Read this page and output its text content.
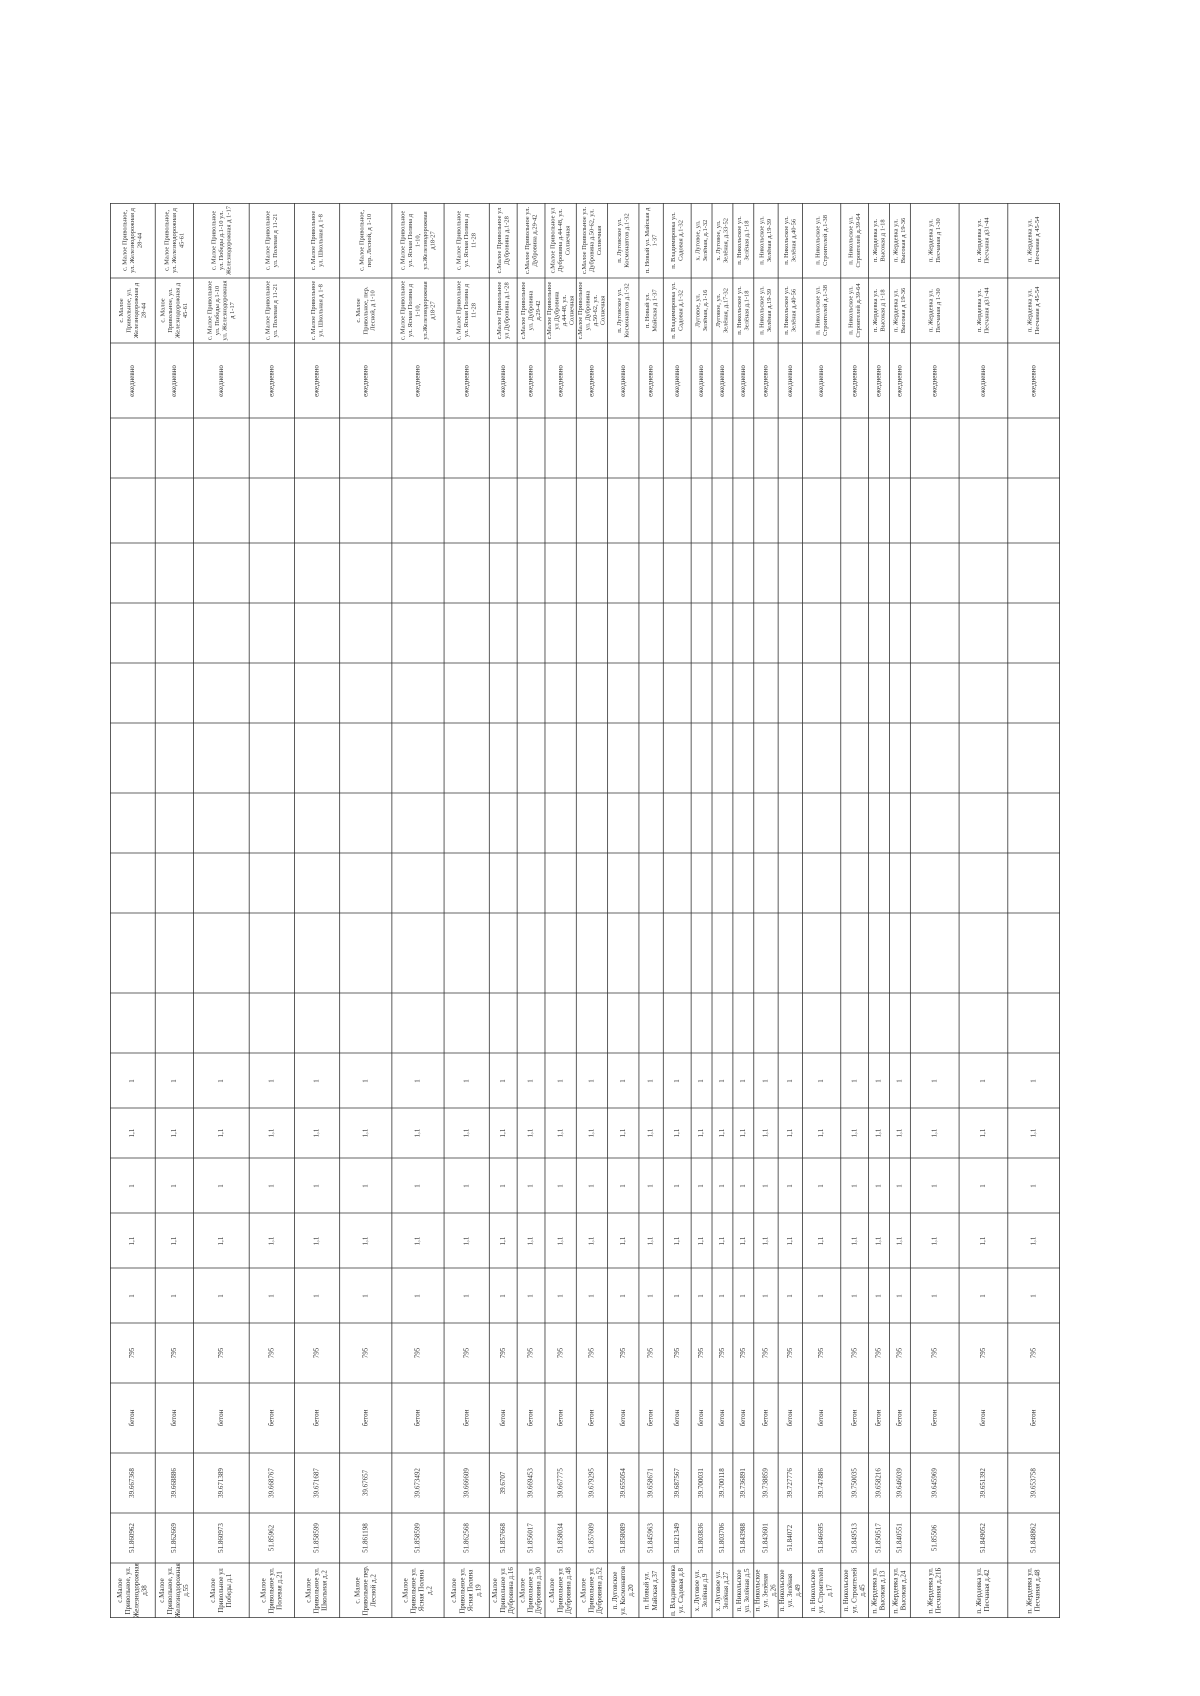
с.Малое Привольное, ул. Железнодорожная д38
51.860962
39.667368
бетон
795
1
1,1
1
1,1
1
ежедневно
с. Малое Привольное, ул. Железнодорожная д 28-44
с. Малое Привольное, ул. Железнодорожная д 28-44
с.Малое Привольное, ул. Железнодорожная д.55
51.862669
39.668886
бетон
795
1
1,1
1
1,1
1
ежедневно
с. Малое Привольное, ул. Железнодорожная д 45-61
с. Малое Привольное, ул. Железнодорожная д 45-61
с.Малое Привольное ул Победы д.1
51.860973
39.671389
бетон
795
1
1,1
1
1,1
1
ежедневно
с. Малое Привольное ул. Победы д.1-10 ул. Железнодорожная д 1-17
с. Малое Привольное ул. Победы д.1-10 ул. Железнодорожная д 1-17
с.Малое Привольное ул. Полевая д.21
51.85962
39.668767
бетон
795
1
1,1
1
1,1
1
ежедневно
с. Малое Привольное ул. Полевая д 11-21
с. Малое Привольное ул. Полевая д 11-21
с.Малое Привольное ул. Школьная д.2
51.858599
39.671687
бетон
795
1
1,1
1
1,1
1
ежедневно
с. Малое Привольное ул. Школьная д 1-8
с. Малое Привольное ул. Школьная д 1-8
с. Малое Привольное пер. Лесной д.2
51.861198
39.67657
бетон
795
1
1,1
1
1,1
1
ежедневно
с. Малое Привольное, пер. Лесной, д 1-10
с. Малое Привольное, пер. Лесной, д 1-10
с.Малое Привольное ул. Ясная Поляна д.2
51.858599
39.673492
бетон
795
1
1,1
1
1,1
1
ежедневно
с. Малое Привольное ул. Ясная Поляна д 1-10, ул.Железнодорожная д18-27
с. Малое Привольное ул. Ясная Поляна д 1-10, ул.Железнодорожная д18-27
с.Малое Привольное ул. Ясная Поляна д.19
51.862568
39.666609
бетон
795
1
1,1
1
1,1
1
ежедневно
с. Малое Привольное ул. Ясная Поляна д 11-28
с. Малое Привольное ул. Ясная Поляна д 11-28
с.Малое Привольное ул Дубровина д.16
51.857668
39.6707
бетон
795
1
1,1
1
1,1
1
ежедневно
с.Малое Привольное ул Дубровина д.1-28
с.Малое Привольное ул Дубровина д.1-28
с.Малое Привольное ул Дубровина д.30
51.856017
39.669453
бетон
795
1
1,1
1
1,1
1
ежедневно
с.Малое Привольное ул. Дубровина д.29-42
с.Малое Привольное ул. Дубровина д.29-42
с.Малое Привольное ул Дубровина д.48
51.858034
39.667775
бетон
795
1
1,1
1
1,1
1
ежедневно
с.Малое Привольное ул Дубровина д.44-48, ул. Солнечная
с.Малое Привольное ул Дубровина д.44-48, ул. Солнечная
с.Малое Привольное ул Дубровина д.52
51.857609
39.679295
бетон
795
1
1,1
1
1,1
1
ежедневно
с.Малое Привольное ул. Дубровина д.50-62, ул. Солнечная
с.Малое Привольное ул. Дубровина д.50-62, ул. Солнечная
п. Луговское ул. Космонавтов д.20
51.858089
39.655054
бетон
795
1
1,1
1
1,1
1
ежедневно
п. Луговское ул. Космонавтов д.1-32
п. Луговское ул. Космонавтов д.1-32
п. Новый ул. Майская д.37
51.845963
39.658671
бетон
795
1
1,1
1
1,1
1
ежедневно
п. Новый ул. Майская д 1-37
п. Новый ул. Майская д 1-37
п. Владимировка ул. Садовая д.8
51.821349
39.687567
бетон
795
1
1,1
1
1,1
1
ежедневно
п. Владимировка ул. Садовая д.1-32
п. Владимировка ул. Садовая д.1-32
х. Луговое ул. Зелёная д.9
51.803836
39.700031
бетон
795
1
1,1
1
1,1
1
ежедневно
Луговое, ул. Зелёная, д.1-16
х. Луговое, ул. Зелёная, д.1-32
х. Луговое ул. Зелёная д.27
51.803706
39.700118
бетон
795
1
1,1
1
1,1
1
ежедневно
Луговое, ул. Зелёная, д.17-32
х. Луговое, ул. Зелёная, д.33-52
п. Никольское ул. Зелёная д.5
51.843988
39.736891
бетон
795
1
1,1
1
1,1
1
ежедневно
п. Никольское ул. Зелёная д.1-18
п. Никольское ул. Зелёная д.1-18
п. Никольское ул. Зелёная д.26
51.843601
39.738859
бетон
795
1
1,1
1
1,1
1
ежедневно
п. Никольское ул. Зелёная д.19-39
п. Никольское ул. Зелёная д.19-39
п. Никольское ул. Зелёная д.49
51.84072
39.727776
бетон
795
1
1,1
1
1,1
1
ежедневно
п. Никольское ул. Зелёная д.40-56
п. Никольское ул. Зелёная д.40-56
п. Никольское ул. Строителей д.17
51.846695
39.747886
бетон
795
1
1,1
1
1,1
1
ежедневно
п. Никольское ул. Строителей д.1-38
п. Никольское ул. Строителей д.1-38
п. Никольское ул. Строителей д.45
51.849513
39.750035
бетон
795
1
1,1
1
1,1
1
ежедневно
п. Никольское ул. Строителей д.39-64
п. Никольское ул. Строителей д.39-64
п. Жердевка ул. Высокая д.13
51.850517
39.658216
бетон
795
1
1,1
1
1,1
1
ежедневно
п. Жердевка ул. Высокая д 1-18
п. Жердевка ул. Высокая д 1-18
п. Жердевка ул. Высокая д.24
51.840551
39.646039
бетон
795
1
1,1
1
1,1
1
ежедневно
п. Жердевка ул. Высокая д 19-36
п. Жердевка ул. Высокая д 19-36
п. Жердевка ул. Песчаная д.21Б
51.85506
39.645969
бетон
795
1
1,1
1
1,1
1
ежедневно
п. Жердевка ул. Песчаная д 1-30
п. Жердевка ул. Песчаная д 1-30
п. Жердевка ул. Песчаная д.42
51.849052
39.651392
бетон
795
1
1,1
1
1,1
1
ежедневно
п. Жердевка ул. Песчаная д31-44
п. Жердевка ул. Песчаная д31-44
п. Жердевка ул. Песчаная д.48
51.848862
39.653758
бетон
795
1
1,1
1
1,1
1
ежедневно
п. Жердевка ул. Песчаная д 45-54
п. Жердевка ул. Песчаная д 45-54
